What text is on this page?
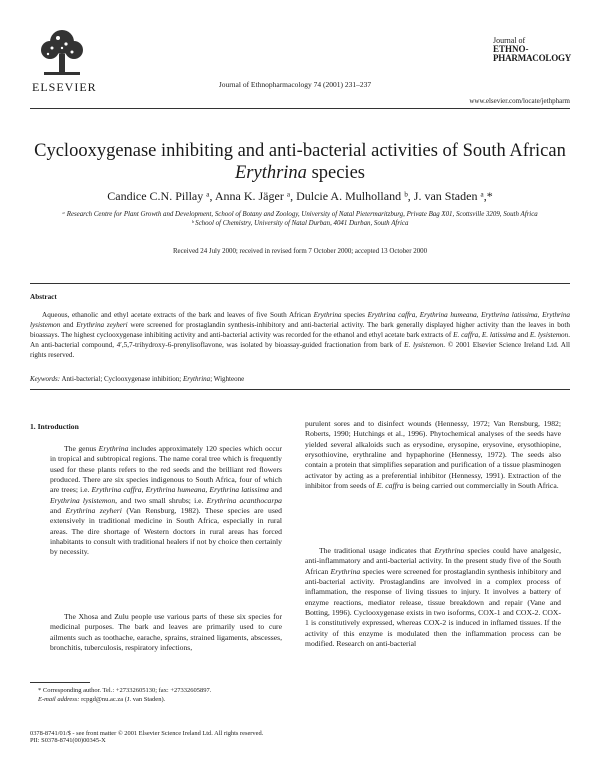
ELSEVIER	Journal of Ethnopharmacology 74 (2001) 231–237
Journal of
ETHNO-
PHARMACOLOGY
www.elsevier.com/locate/jethpharm
Cyclooxygenase inhibiting and anti-bacterial activities of South African Erythrina species
Candice C.N. Pillay ᵃ, Anna K. Jäger ᵃ, Dulcie A. Mulholland ᵇ, J. van Staden ᵃ,*
ᵃ Research Centre for Plant Growth and Development, School of Botany and Zoology, University of Natal Pietermaritzburg, Private Bag X01, Scottsville 3209, South Africa
ᵇ School of Chemistry, University of Natal Durban, 4041 Durban, South Africa
Received 24 July 2000; received in revised form 7 October 2000; accepted 13 October 2000
Abstract
Aqueous, ethanolic and ethyl acetate extracts of the bark and leaves of five South African Erythrina species Erythrina caffra, Erythrina humeana, Erythrina latissima, Erythrina lysistemon and Erythrina zeyheri were screened for prostaglandin synthesis-inhibitory and anti-bacterial activity. The bark generally displayed higher activity than the leaves in both bioassays. The highest cyclooxygenase inhibiting activity and anti-bacterial activity was recorded for the ethanol and ethyl acetate bark extracts of E. caffra, E. latissima and E. lysistemon. An anti-bacterial compound, 4′,5,7-trihydroxy-6-prenylisoflavone, was isolated by bioassay-guided fractionation from bark of E. lysistemon. © 2001 Elsevier Science Ireland Ltd. All rights reserved.
Keywords: Anti-bacterial; Cyclooxygenase inhibition; Erythrina; Wighteone
1. Introduction
The genus Erythrina includes approximately 120 species which occur in tropical and subtropical regions. The name coral tree which is frequently used for these plants refers to the red seeds and the brilliant red flowers produced. There are six species indigenous to South Africa, four of which are trees; i.e. Erythrina caffra, Erythrina humeana, Erythrina latissima and Erythrina lysistemon, and two small shrubs; i.e. Erythrina acanthocarpa and Erythrina zeyheri (Van Rensburg, 1982). These species are used extensively in traditional medicine in South Africa, especially in rural areas. The dire shortage of Western doctors in rural areas has forced inhabitants to consult with traditional healers if not by choice then certainly by necessity.
The Xhosa and Zulu people use various parts of these six species for medicinal purposes. The bark and leaves are primarily used to cure ailments such as toothache, earache, sprains, strained ligaments, abscesses, bronchitis, tuberculosis, respiratory infections,
purulent sores and to disinfect wounds (Hennessy, 1972; Van Rensburg, 1982; Roberts, 1990; Hutchings et al., 1996). Phytochemical analyses of the seeds have yielded several alkaloids such as erysodine, erysopine, erysovine, erysothiopine, erysothiovine, erythraline and hypaphorine (Hennessy, 1972). The seeds also contain a protein that simplifies separation and purification of a tissue plasminogen activator by acting as a preferential inhibitor (Hennessy, 1991). Extraction of the inhibitor from seeds of E. caffra is being carried out commercially in South Africa.
The traditional usage indicates that Erythrina species could have analgesic, anti-inflammatory and anti-bacterial activity. In the present study five of the South African Erythrina species were screened for prostaglandin synthesis inhibitory and anti-bacterial activity. Prostaglandins are involved in a complex process of inflammation, the response of living tissues to injury. It involves a battery of enzyme reactions, mediator release, tissue breakdown and repair (Vane and Botting, 1996). Cyclooxygenase exists in two isoforms, COX-1 and COX-2. COX-1 is constitutively expressed, whereas COX-2 is induced in inflamed tissues. If the activity of this enzyme is modulated then the inflammation process can be modified. Research on anti-bacterial
* Corresponding author. Tel.: +27332605130; fax: +27332605897.
E-mail address: rcpgd@nu.ac.za (J. van Staden).
0378-8741/01/$ - see front matter © 2001 Elsevier Science Ireland Ltd. All rights reserved.
PII: S0378-8741(00)00345-X
